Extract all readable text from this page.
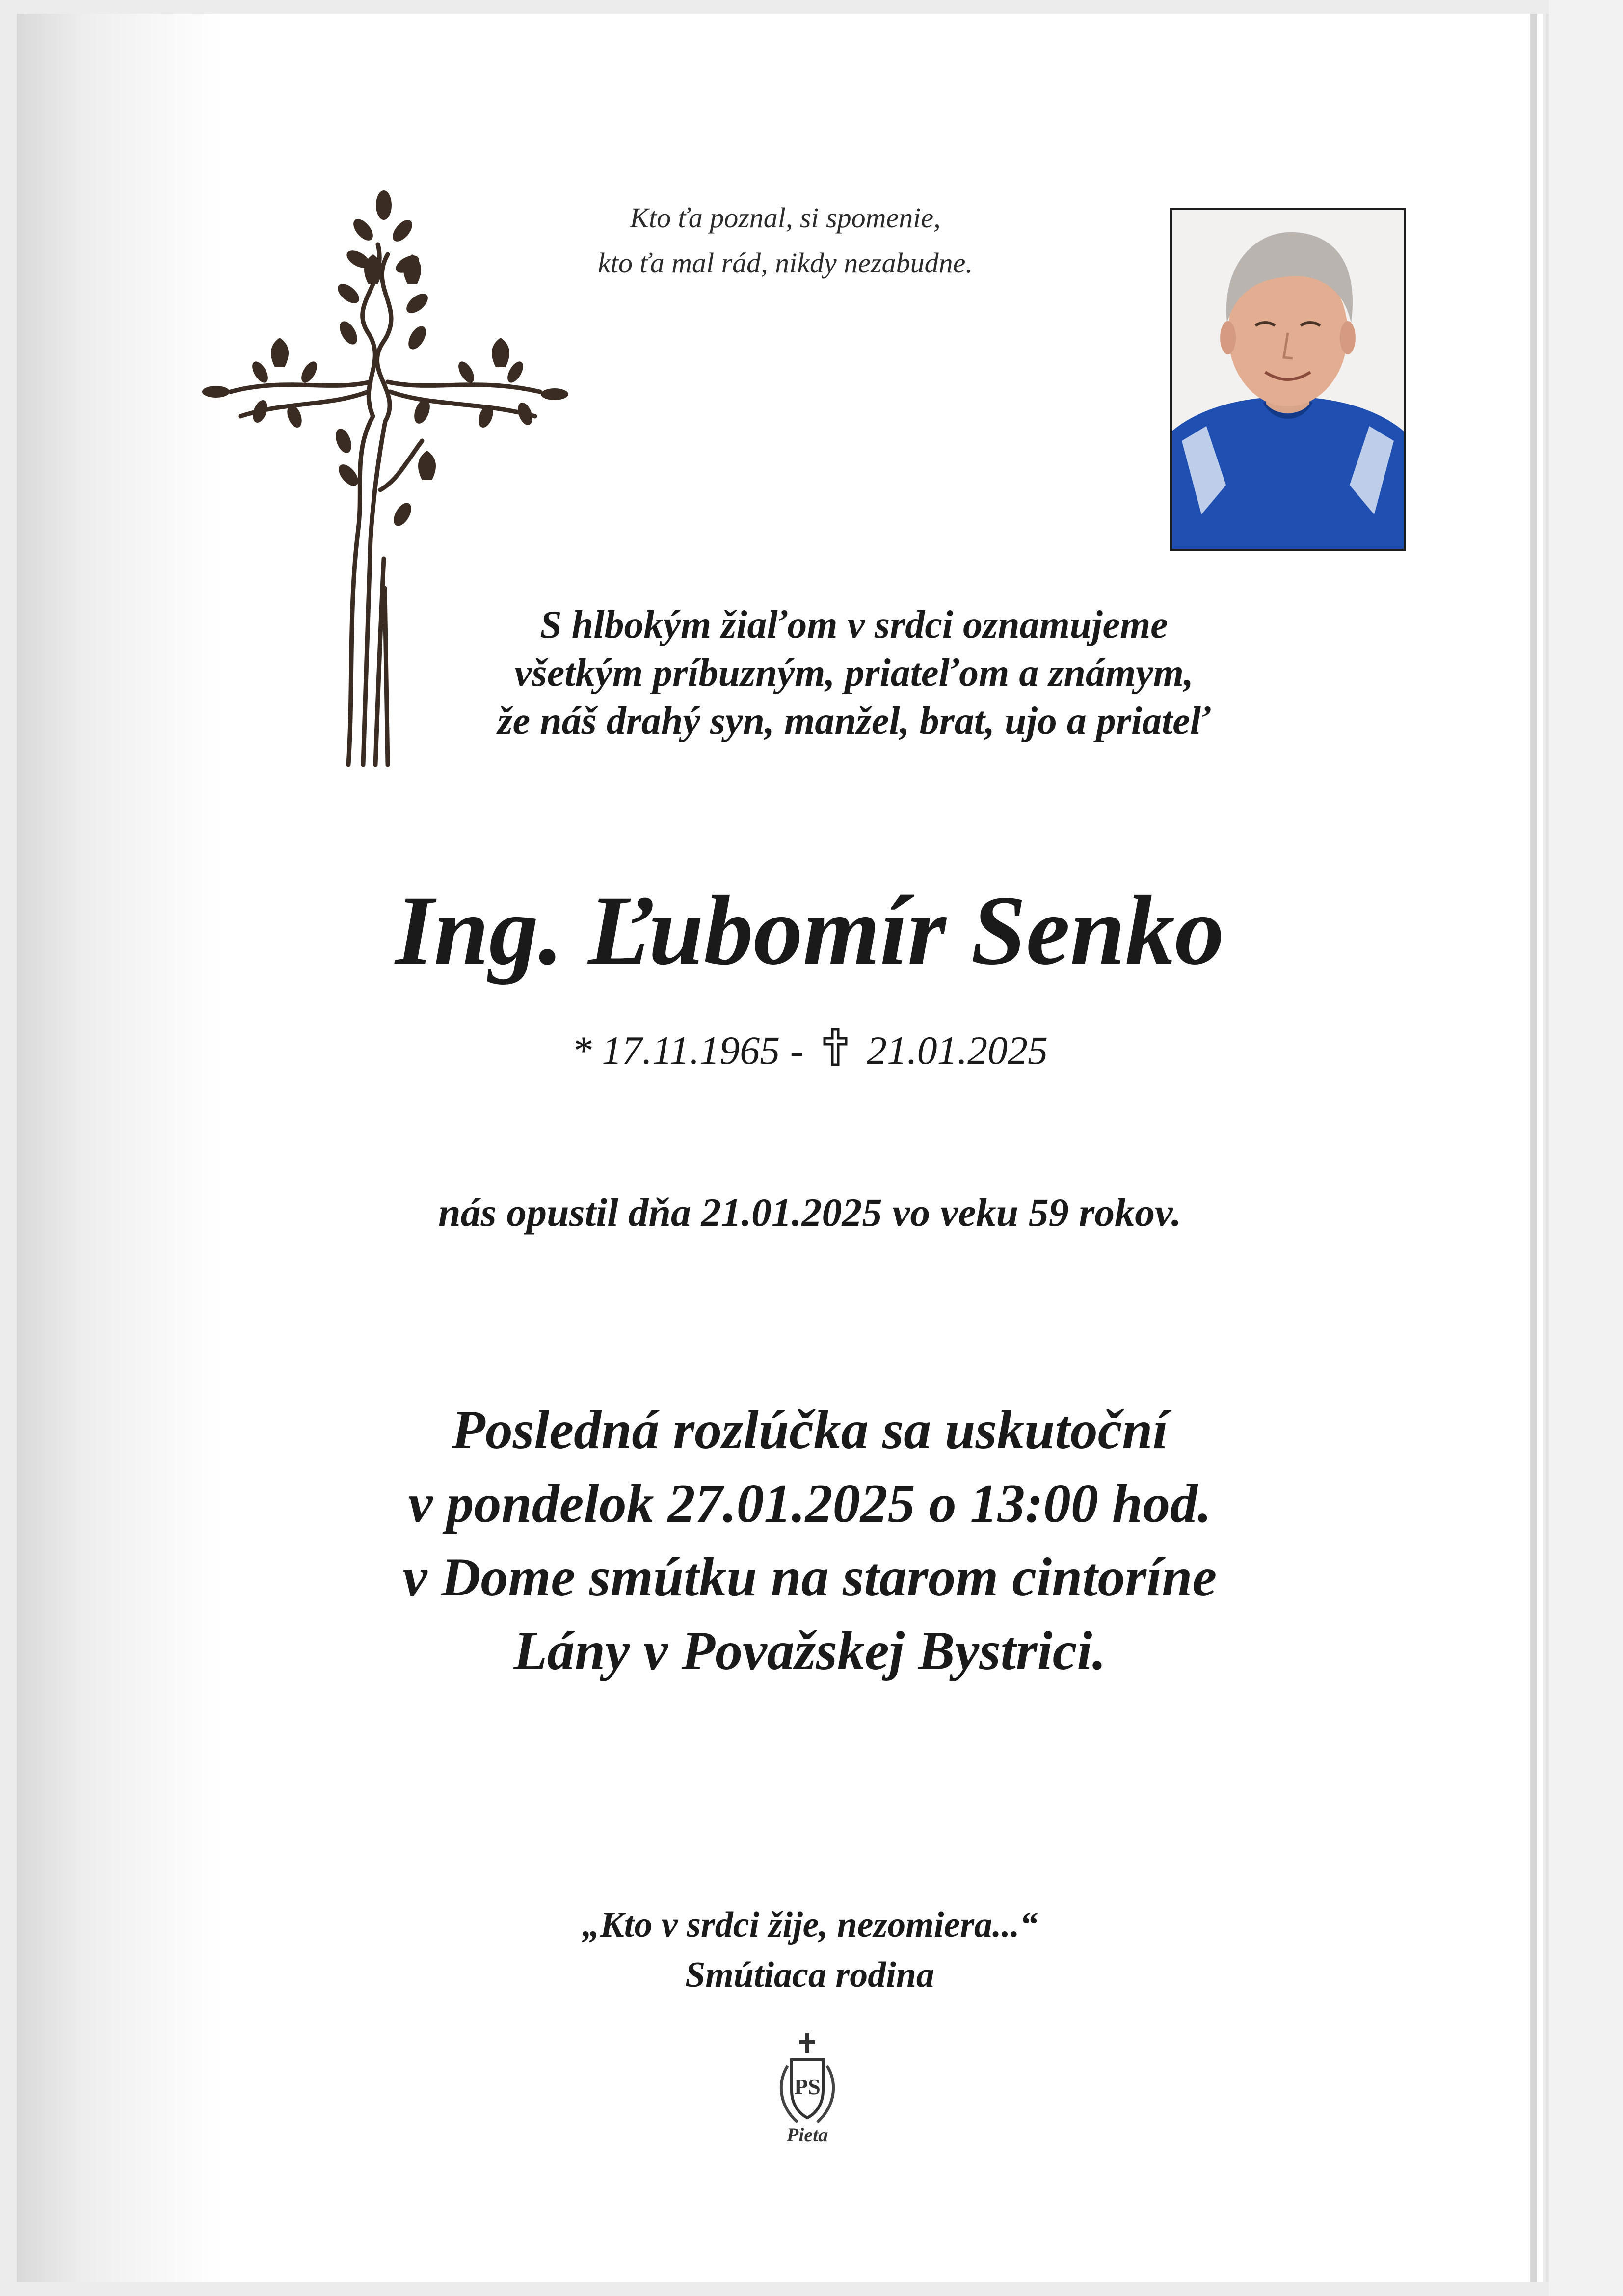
Kto ťa poznal, si spomenie,
kto ťa mal rád, nikdy nezabudne.
S hlbokým žiaľom v srdci oznamujeme
všetkým príbuzným, priateľom a známym,
že náš drahý syn, manžel, brat, ujo a priateľ
Ing. Ľubomír Senko
* 17.11.1965 - 21.01.2025
nás opustil dňa 21.01.2025 vo veku 59 rokov.
Posledná rozlúčka sa uskutoční
v pondelok 27.01.2025 o 13:00 hod.
v Dome smútku na starom cintoríne
Lány v Považskej Bystrici.
„Kto v srdci žije, nezomiera...“
Smútiaca rodina
PS
Pieta
